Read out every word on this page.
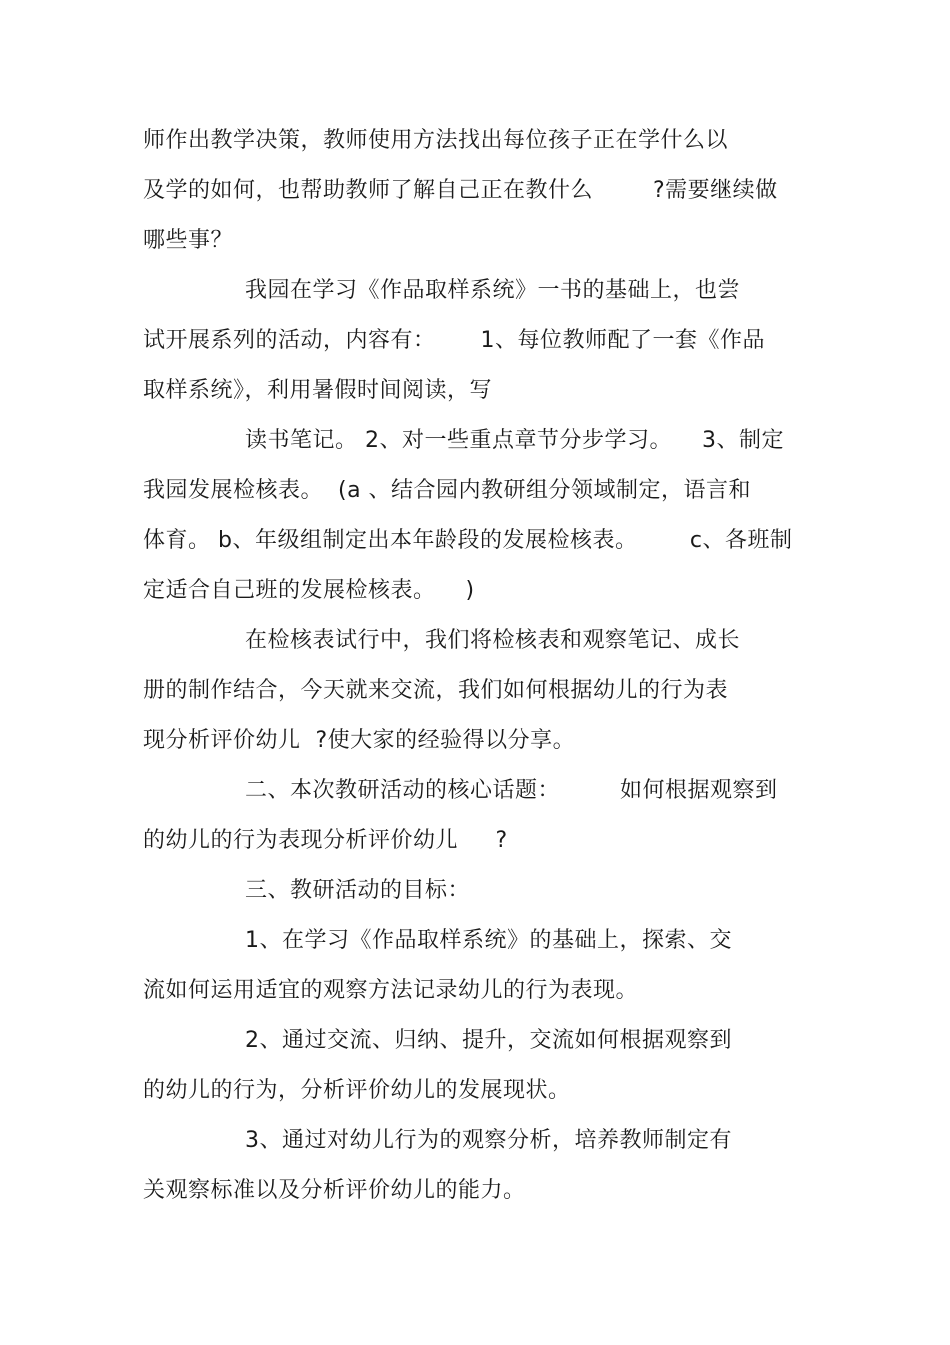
师作出教学决策，教师使用方法找出每位孩子正在学什么以
及学的如何，也帮助教师了解自己正在教什么        ?需要继续做
哪些事？
我园在学习《作品取样系统》一书的基础上，也尝
试开展系列的活动，内容有：      1、每位教师配了一套《作品
取样系统》，利用暑假时间阅读，写
读书笔记。 2、对一些重点章节分步学习。    3、制定
我园发展检核表。  (a 、结合园内教研组分领域制定，语言和
体育。 b、年级组制定出本年龄段的发展检核表。       c、各班制
定适合自己班的发展检核表。    )
在检核表试行中，我们将检核表和观察笔记、成长
册的制作结合，今天就来交流，我们如何根据幼儿的行为表
现分析评价幼儿  ?使大家的经验得以分享。
二、本次教研活动的核心话题：        如何根据观察到
的幼儿的行为表现分析评价幼儿     ?
三、教研活动的目标：
1、在学习《作品取样系统》的基础上，探索、交
流如何运用适宜的观察方法记录幼儿的行为表现。
2、通过交流、归纳、提升，交流如何根据观察到
的幼儿的行为，分析评价幼儿的发展现状。
3、通过对幼儿行为的观察分析，培养教师制定有
关观察标准以及分析评价幼儿的能力。
